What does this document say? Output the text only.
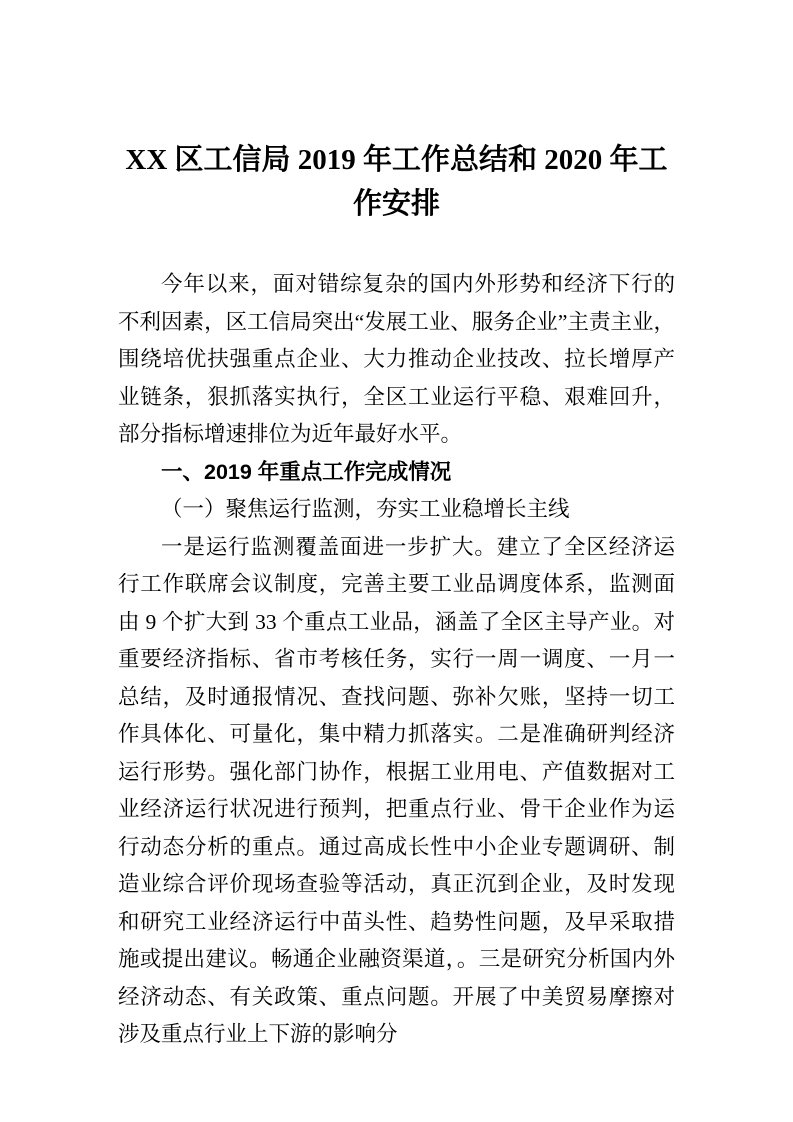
XX 区工信局 2019 年工作总结和 2020 年工作安排

今年以来，面对错综复杂的国内外形势和经济下行的不利因素，区工信局突出“发展工业、服务企业”主责主业，围绕培优扶强重点企业、大力推动企业技改、拉长增厚产业链条，狠抓落实执行，全区工业运行平稳、艰难回升，部分指标增速排位为近年最好水平。

一、2019 年重点工作完成情况

（一）聚焦运行监测，夯实工业稳增长主线

一是运行监测覆盖面进一步扩大。建立了全区经济运行工作联席会议制度，完善主要工业品调度体系，监测面由 9 个扩大到 33 个重点工业品，涵盖了全区主导产业。对重要经济指标、省市考核任务，实行一周一调度、一月一总结，及时通报情况、查找问题、弥补欠账，坚持一切工作具体化、可量化，集中精力抓落实。二是准确研判经济运行形势。强化部门协作，根据工业用电、产值数据对工业经济运行状况进行预判，把重点行业、骨干企业作为运行动态分析的重点。通过高成长性中小企业专题调研、制造业综合评价现场查验等活动，真正沉到企业，及时发现和研究工业经济运行中苗头性、趋势性问题，及早采取措施或提出建议。畅通企业融资渠道，。三是研究分析国内外经济动态、有关政策、重点问题。开展了中美贸易摩擦对涉及重点行业上下游的影响分
